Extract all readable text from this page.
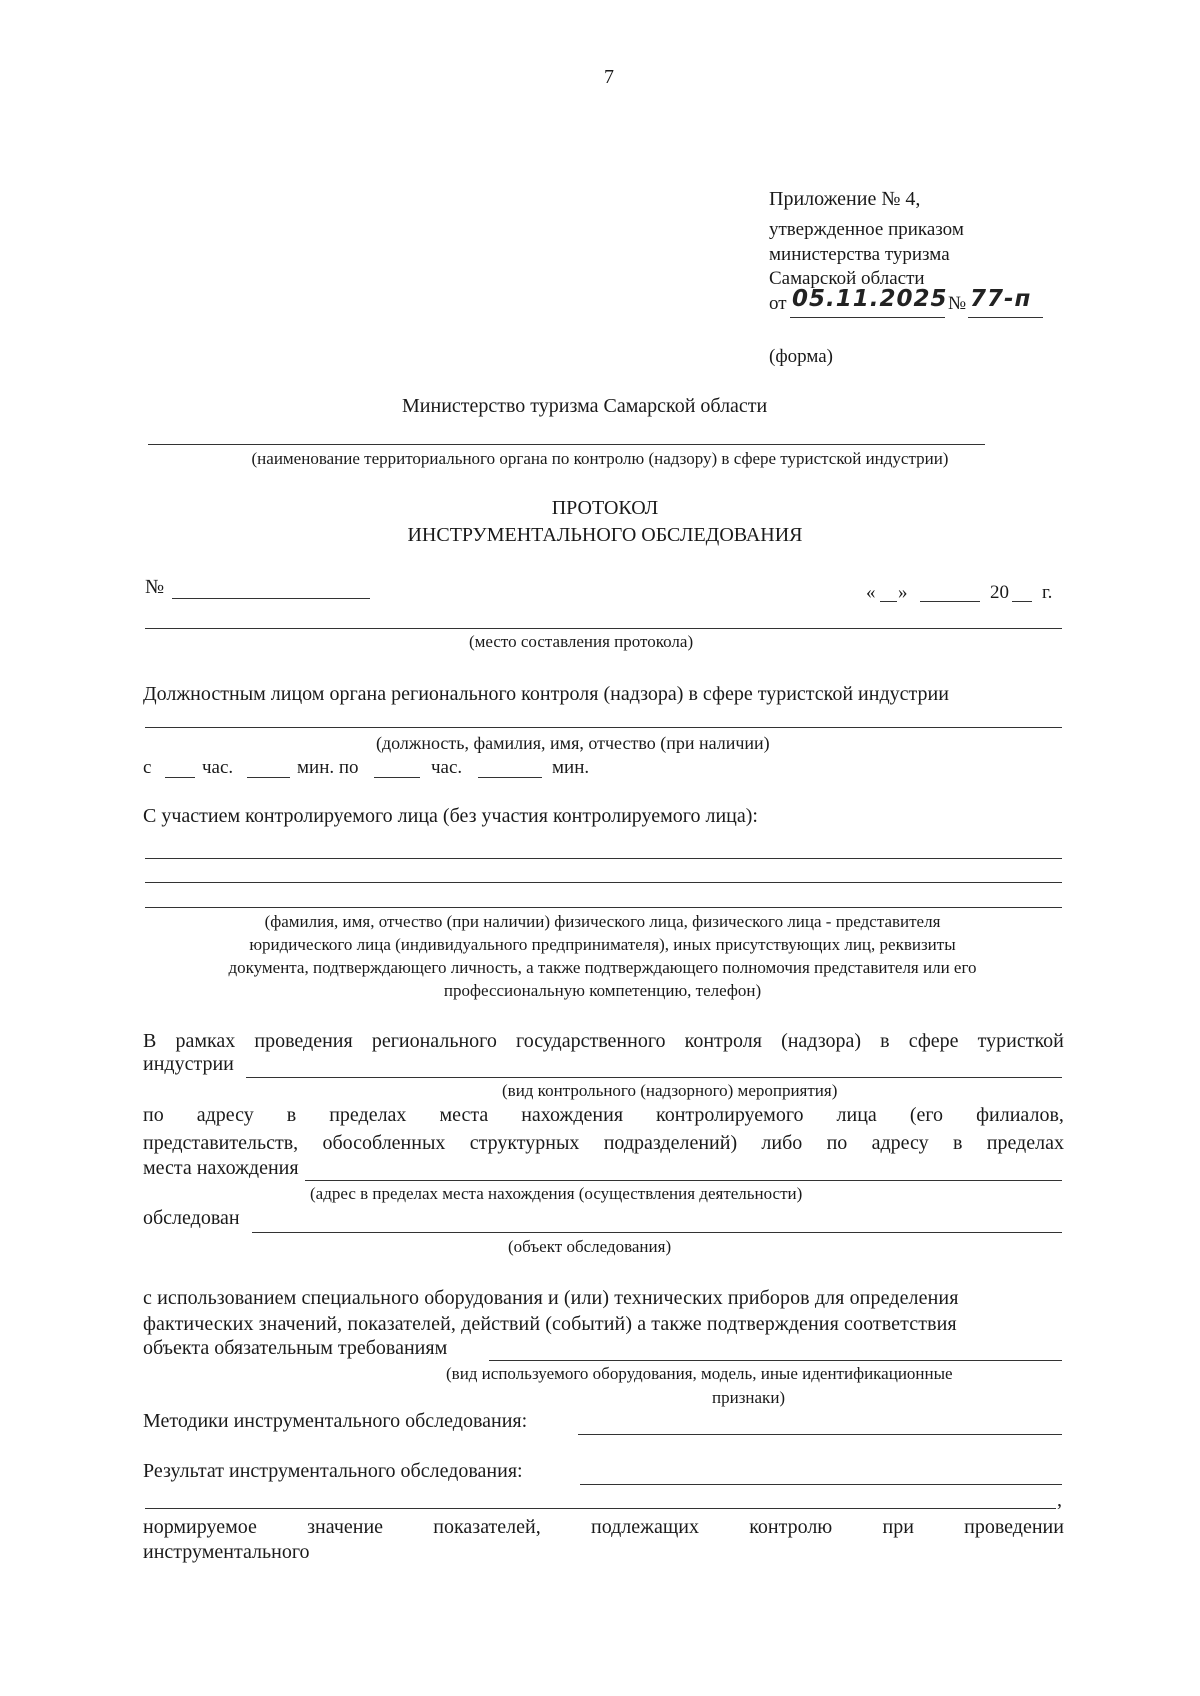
7
Приложение № 4,
утвержденное приказом
министерства туризма
Самарской области
от 05.11.2025 № 77-п
(форма)
Министерство туризма Самарской области
(наименование территориального органа по контролю (надзору) в сфере туристской индустрии)
ПРОТОКОЛ
ИНСТРУМЕНТАЛЬНОГО ОБСЛЕДОВАНИЯ
№	« »	20 г.
(место составления протокола)
Должностным лицом органа регионального контроля (надзора) в сфере туристской индустрии
(должность, фамилия, имя, отчество (при наличии)
с	час.	мин. по	час.	мин.
С участием контролируемого лица (без участия контролируемого лица):
(фамилия, имя, отчество (при наличии) физического лица, физического лица - представителя
юридического лица (индивидуального предпринимателя), иных присутствующих лиц, реквизиты
документа, подтверждающего личность, а также подтверждающего полномочия представителя или его
профессиональную компетенцию, телефон)
В рамках проведения регионального государственного контроля (надзора) в сфере туристкой
индустрии
(вид контрольного (надзорного) мероприятия)
по адресу в пределах места нахождения контролируемого лица (его филиалов,
представительств, обособленных структурных подразделений) либо по адресу в пределах
места нахождения
(адрес в пределах места нахождения (осуществления деятельности)
обследован
(объект обследования)
с использованием специального оборудования и (или) технических приборов для определения
фактических значений, показателей, действий (событий) а также подтверждения соответствия
объекта обязательным требованиям
(вид используемого оборудования, модель, иные идентификационные
признаки)
Методики инструментального обследования:
Результат инструментального обследования:
,
нормируемое	значение	показателей,	подлежащих	контролю	при	проведении
инструментального
